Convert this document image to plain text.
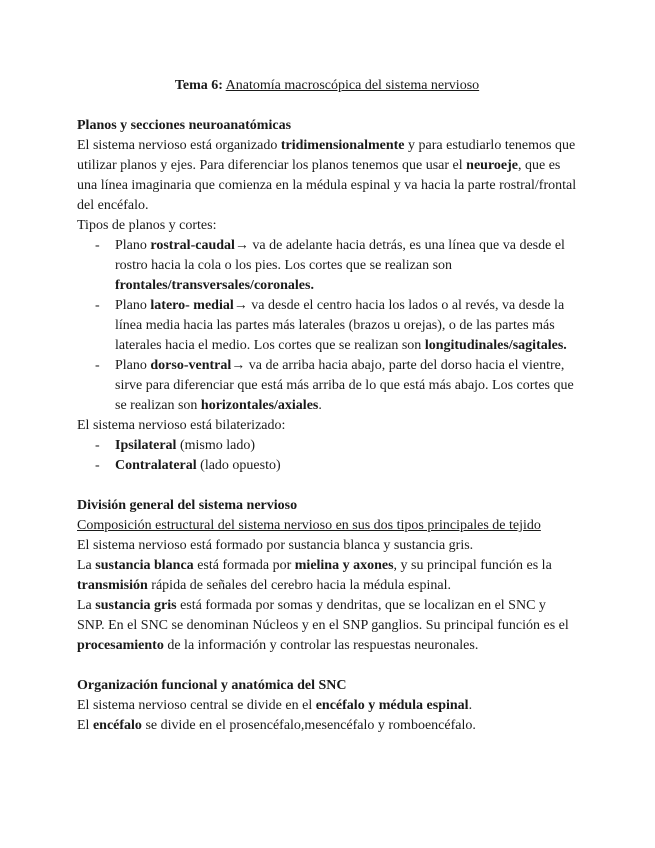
Tema 6: Anatomía macroscópica del sistema nervioso
Planos y secciones neuroanatómicas

El sistema nervioso está organizado tridimensionalmente y para estudiarlo tenemos que utilizar planos y ejes. Para diferenciar los planos tenemos que usar el neuroeje, que es una línea imaginaria que comienza en la médula espinal y va hacia la parte rostral/frontal del encéfalo.

Tipos de planos y cortes:

- Plano rostral-caudal→ va de adelante hacia detrás, es una línea que va desde el rostro hacia la cola o los pies. Los cortes que se realizan son frontales/transversales/coronales.
- Plano latero- medial→ va desde el centro hacia los lados o al revés, va desde la línea media hacia las partes más laterales (brazos u orejas), o de las partes más laterales hacia el medio. Los cortes que se realizan son longitudinales/sagitales.
- Plano dorso-ventral→ va de arriba hacia abajo, parte del dorso hacia el vientre, sirve para diferenciar que está más arriba de lo que está más abajo. Los cortes que se realizan son horizontales/axiales.

El sistema nervioso está bilaterizado:

- Ipsilateral (mismo lado)
- Contralateral (lado opuesto)
División general del sistema nervioso

Composición estructural del sistema nervioso en sus dos tipos principales de tejido

El sistema nervioso está formado por sustancia blanca y sustancia gris.

La sustancia blanca está formada por mielina y axones, y su principal función es la transmisión rápida de señales del cerebro hacia la médula espinal.

La sustancia gris está formada por somas y dendritas, que se localizan en el SNC y SNP. En el SNC se denominan Núcleos y en el SNP ganglios. Su principal función es el procesamiento de la información y controlar las respuestas neuronales.

Organización funcional y anatómica del SNC

El sistema nervioso central se divide en el encéfalo y médula espinal.

El encéfalo se divide en el prosencéfalo,mesencéfalo y romboencéfalo.
